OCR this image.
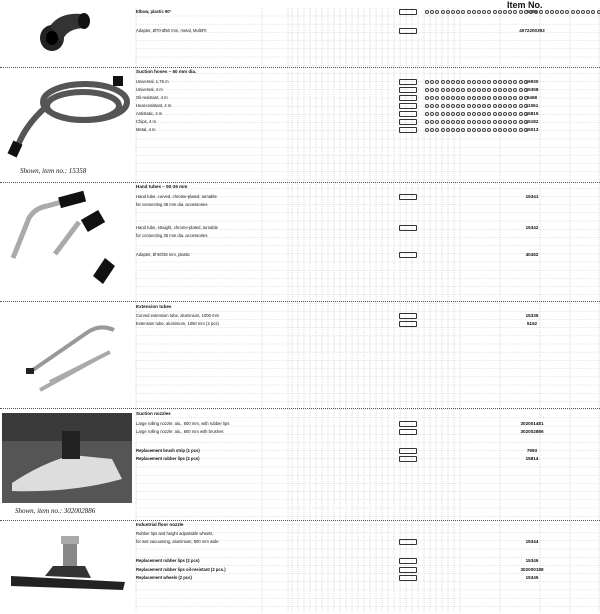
Item No.
Shown, item no.: 15358
Shown, item no.: 302002886
Elbow, plastic 90°	5089
Adapter, Ø70-Ø50 mm, metal, MultiFit	4072200392
Suction hoses – 50 mm dia.
Universal, 1.75 m	19930
Universal, 4 m	15358
Oil-resistant, 4 m	6468
Heat-resistant, 4 m	11061
Antistatic, 4 m	15815
Chips, 4 m	15182
Metal, 4 m	15013
Hand tubes – 50-36 mm
Hand tube, curved, chrome-plated, turnable	15341
for connecting 36 mm dia. accessories
Hand tube, straight, chrome-plated, turnable	15342
for connecting 36 mm dia. accessories
Adapter, Ø 50/36 mm, plastic	40452
Extension tubes
Curved extension tube, aluminium, 1000 mm	15335
Extension tube, aluminium, 1050 mm (2 pcs)	5152
Suction nozzles
Large rolling nozzle: alu., 600 mm, with rubber lips	302001481
Large rolling nozzle: alu., 600 mm with brushes	302002886
Replacement brush strip (1 pcs)	7993
Replacement rubber lips (2 pcs)	15814
Industrial floor nozzle
Rubber lips and height adjustable wheels,
for wet vacuuming, aluminium, 500 mm wide	15344
Replacement rubber lips (2 pcs)	15346
Replacement rubber lips oil-resistant (2 pcs.)	302000188
Replacement wheels (2 pcs)	15345
